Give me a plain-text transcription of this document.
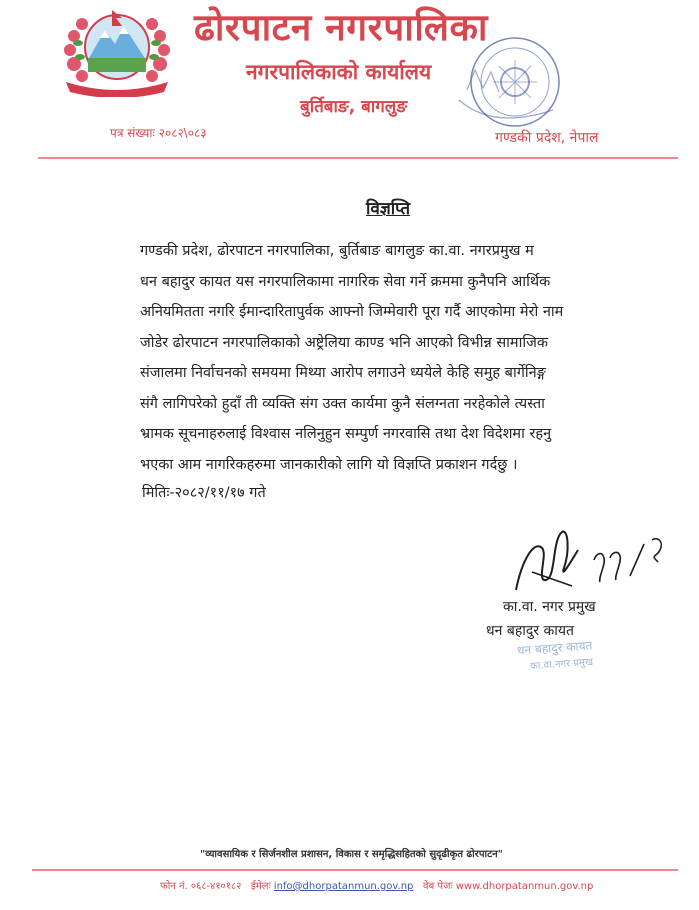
ढोरपाटन नगरपालिका
नगरपालिकाको कार्यालय
बुर्तिबाङ, बागलुङ
पत्र संख्याः २०८२\०८३	गण्डकी प्रदेश, नेपाल
विज्ञप्ति
गण्डकी प्रदेश, ढोरपाटन नगरपालिका, बुर्तिबाङ बागलुङ का.वा. नगरप्रमुख म
धन बहादुर कायत यस नगरपालिकामा नागरिक सेवा गर्ने क्रममा कुनैपनि आर्थिक
अनियमितता नगरि ईमान्दारितापुर्वक आफ्नो जिम्मेवारी पूरा गर्दै आएकोमा मेरो नाम
जोडेर ढोरपाटन नगरपालिकाको अष्ट्रेलिया काण्ड भनि आएको विभीन्न सामाजिक
संजालमा निर्वाचनको समयमा मिथ्या आरोप लगाउने ध्ययेले केहि समुह बार्गेनिङ्ग
संगै लागिपरेको हुदाँ ती व्यक्ति संग उक्त कार्यमा कुनै संलग्नता नरहेकोले त्यस्ता
भ्रामक सूचनाहरुलाई विश्वास नलिनुहुन सम्पुर्ण नगरवासि तथा देश विदेशमा रहनु
भएका आम नागरिकहरुमा जानकारीको लागि यो विज्ञप्ति प्रकाशन गर्दछु ।
मितिः-२०८२/११/१७ गते
का.वा. नगर प्रमुख
धन बहादुर कायत
धन बहादुर कायत
का.वा.नगर प्रमुख
"व्यावसायिक र सिर्जनशील प्रशासन, विकास र समृद्धिसहितको सुदृढीकृत ढोरपाटन"
फोन नं. ०६८-४१०१८२ ईमेलः info@dhorpatanmun.gov.np वेब पेजः www.dhorpatanmun.gov.np
